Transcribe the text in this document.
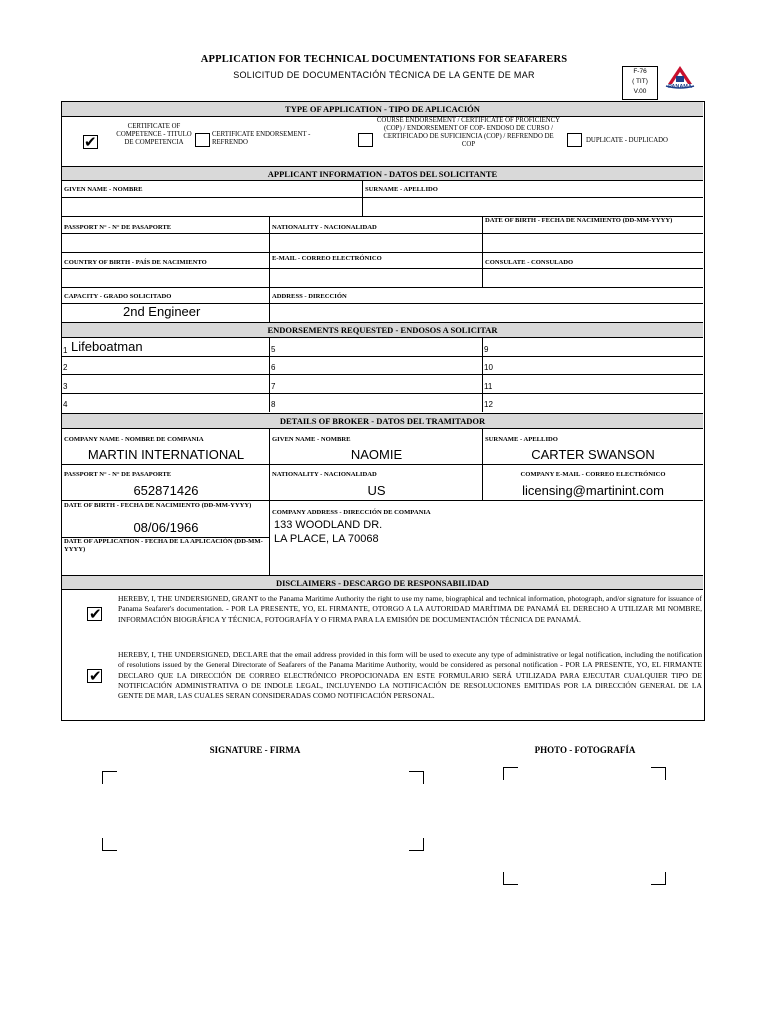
APPLICATION FOR TECHNICAL DOCUMENTATIONS FOR SEAFARERS
SOLICITUD DE DOCUMENTACIÓN TÉCNICA DE LA GENTE DE MAR	F-76
( TIT)
V.00
PANAMÁ
TYPE OF APPLICATION - TIPO DE APLICACIÓN
✔
CERTIFICATE OF COMPETENCE - TITULO DE COMPETENCIA
CERTIFICATE ENDORSEMENT - REFRENDO
COURSE ENDORSEMENT / CERTIFICATE OF PROFICIENCY (COP) / ENDORSEMENT OF COP- ENDOSO DE CURSO / CERTIFICADO DE SUFICIENCIA (COP) / REFRENDO DE COP
DUPLICATE - DUPLICADO
APPLICANT INFORMATION - DATOS DEL SOLICITANTE
GIVEN NAME - NOMBRE	SURNAME - APELLIDO
PASSPORT N° - N° DE PASAPORTE	NATIONALITY - NACIONALIDAD
DATE OF BIRTH - FECHA DE NACIMIENTO (DD-MM-YYYY)
COUNTRY OF BIRTH - PAÍS DE NACIMIENTO
E-MAIL - CORREO ELECTRÓNICO
CONSULATE - CONSULADO
CAPACITY - GRADO SOLICITADO	ADDRESS - DIRECCIÓN
2nd Engineer
ENDORSEMENTS REQUESTED - ENDOSOS A SOLICITAR
1 Lifeboatman	5	9
2	6	10
3	7	11
4	8	12
DETAILS OF BROKER - DATOS DEL TRAMITADOR
COMPANY NAME - NOMBRE DE COMPANIA
MARTIN INTERNATIONAL
GIVEN NAME - NOMBRE
NAOMIE
SURNAME - APELLIDO
CARTER SWANSON
PASSPORT N° - N° DE PASAPORTE
652871426
NATIONALITY - NACIONALIDAD
US
COMPANY E-MAIL - CORREO ELECTRÓNICO
licensing@martinint.com
DATE OF BIRTH - FECHA DE NACIMIENTO (DD-MM-YYYY)
08/06/1966
COMPANY ADDRESS - DIRECCIÓN DE COMPANIA
133 WOODLAND DR.
LA PLACE, LA 70068
DATE OF APPLICATION - FECHA DE LA APLICACIÓN (DD-MM-YYYY)
DISCLAIMERS - DESCARGO DE RESPONSABILIDAD
✔
HEREBY, I, THE UNDERSIGNED, GRANT to the Panama Maritime Authority the right to use my name, biographical and technical information, photograph, and/or signature for issuance of Panama Seafarer's documentation. - POR LA PRESENTE, YO, EL FIRMANTE, OTORGO A LA AUTORIDAD MARÍTIMA DE PANAMÁ EL DERECHO A UTILIZAR MI NOMBRE, INFORMACIÓN BIOGRÁFICA Y TÉCNICA, FOTOGRAFÍA Y O FIRMA PARA LA EMISIÓN DE DOCUMENTACIÓN TÉCNICA DE PANAMÁ.
✔
HEREBY, I, THE UNDERSIGNED, DECLARE that the email address provided in this form will be used to execute any type of administrative or legal notification, including the notification of resolutions issued by the General Directorate of Seafarers of the Panama Maritime Authority, would be considered as personal notification - POR LA PRESENTE, YO, EL FIRMANTE DECLARO QUE LA DIRECCIÓN DE CORREO ELECTRÓNICO PROPOCIONADA EN ESTE FORMULARIO SERÁ UTILIZADA PARA EJECUTAR CUALQUIER TIPO DE NOTIFICACIÓN ADMINISTRATIVA O DE INDOLE LEGAL, INCLUYENDO LA NOTIFICACIÓN DE RESOLUCIONES EMITIDAS POR LA DIRECCIÓN GENERAL DE LA GENTE DE MAR, LAS CUALES SERAN CONSIDERADAS COMO NOTIFICACIÓN PERSONAL.
SIGNATURE - FIRMA	PHOTO - FOTOGRAFÍA
